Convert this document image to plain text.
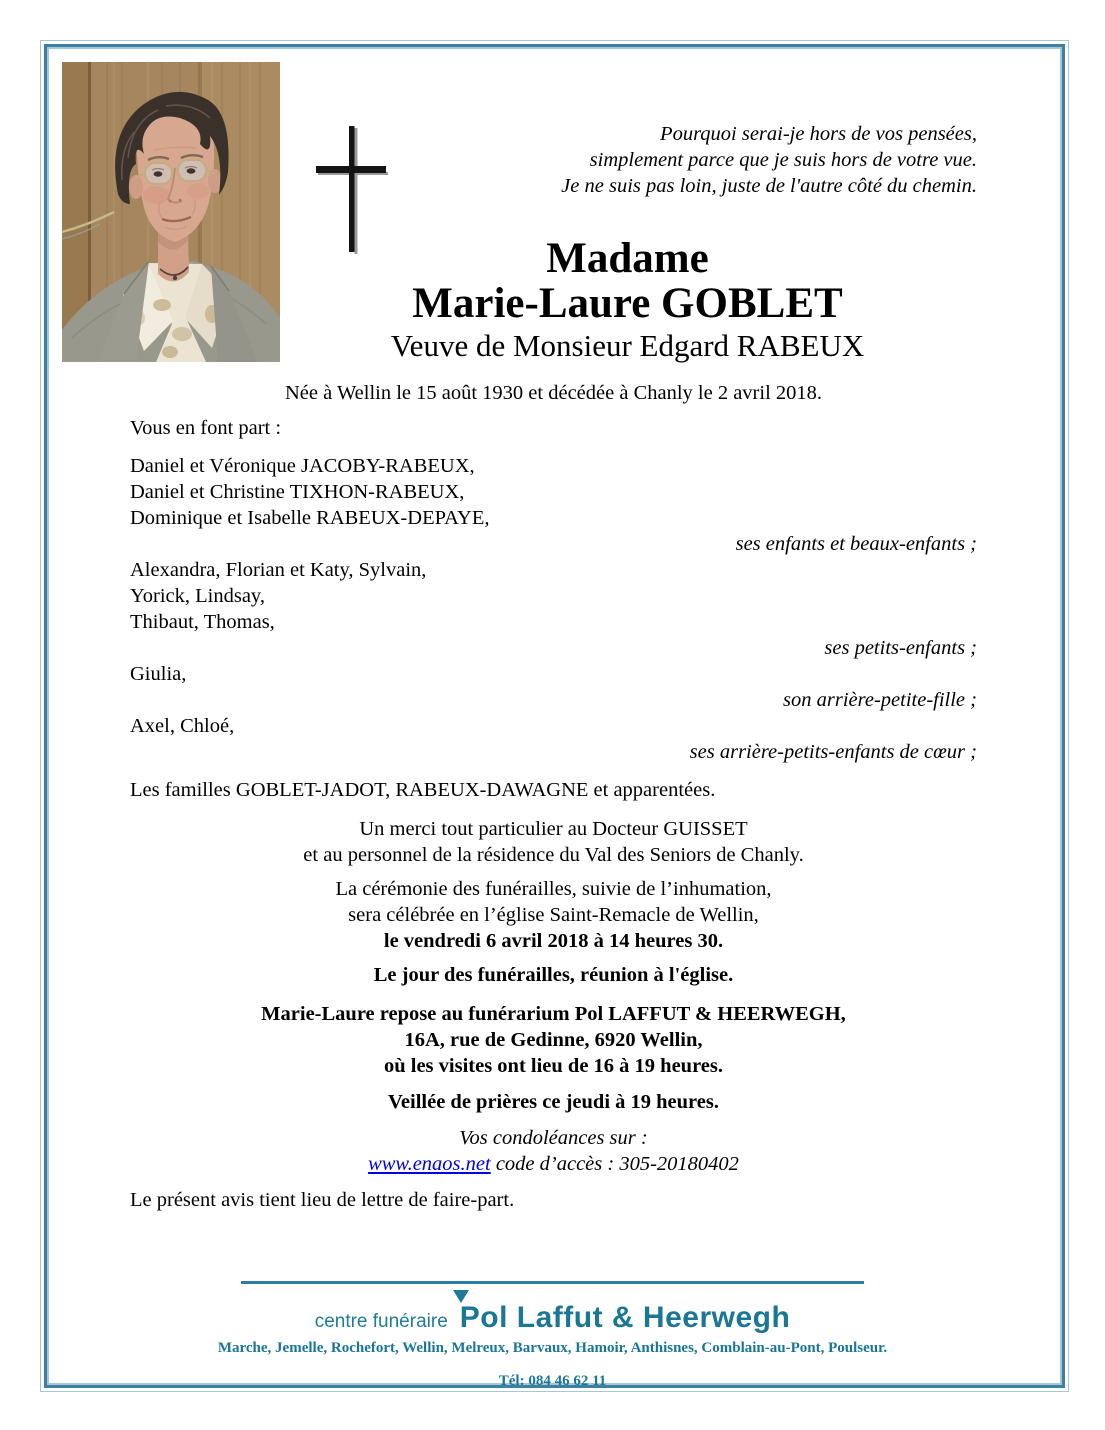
Pourquoi serai-je hors de vos pensées,
simplement parce que je suis hors de votre vue.
Je ne suis pas loin, juste de l'autre côté du chemin.

Madame

Marie-Laure GOBLET

Veuve de Monsieur Edgard RABEUX

Née à Wellin le 15 août 1930 et décédée à Chanly le 2 avril 2018.

Vous en font part :

Daniel et Véronique JACOBY-RABEUX,

Daniel et Christine TIXHON-RABEUX,

Dominique et Isabelle RABEUX-DEPAYE,

ses enfants et beaux-enfants ;

Alexandra, Florian et Katy, Sylvain,

Yorick, Lindsay,

Thibaut, Thomas,

ses petits-enfants ;

Giulia,

son arrière-petite-fille ;

Axel, Chloé,

ses arrière-petits-enfants de cœur ;

Les familles GOBLET-JADOT, RABEUX-DAWAGNE et apparentées.

Un merci tout particulier au Docteur GUISSET

et au personnel de la résidence du Val des Seniors de Chanly.

La cérémonie des funérailles, suivie de l’inhumation,

sera célébrée en l’église Saint-Remacle de Wellin,

le vendredi 6 avril 2018 à 14 heures 30.

Le jour des funérailles, réunion à l'église.

Marie-Laure repose au funérarium Pol LAFFUT & HEERWEGH,

16A, rue de Gedinne, 6920 Wellin,

où les visites ont lieu de 16 à 19 heures.

Veillée de prières ce jeudi à 19 heures.

Vos condoléances sur :

www.enaos.net code d’accès : 305-20180402

Le présent avis tient lieu de lettre de faire-part.

centre funéraire Pol Laffut & Heerwegh

Marche, Jemelle, Rochefort, Wellin, Melreux, Barvaux, Hamoir, Anthisnes, Comblain-au-Pont, Poulseur.

Tél: 084 46 62 11
